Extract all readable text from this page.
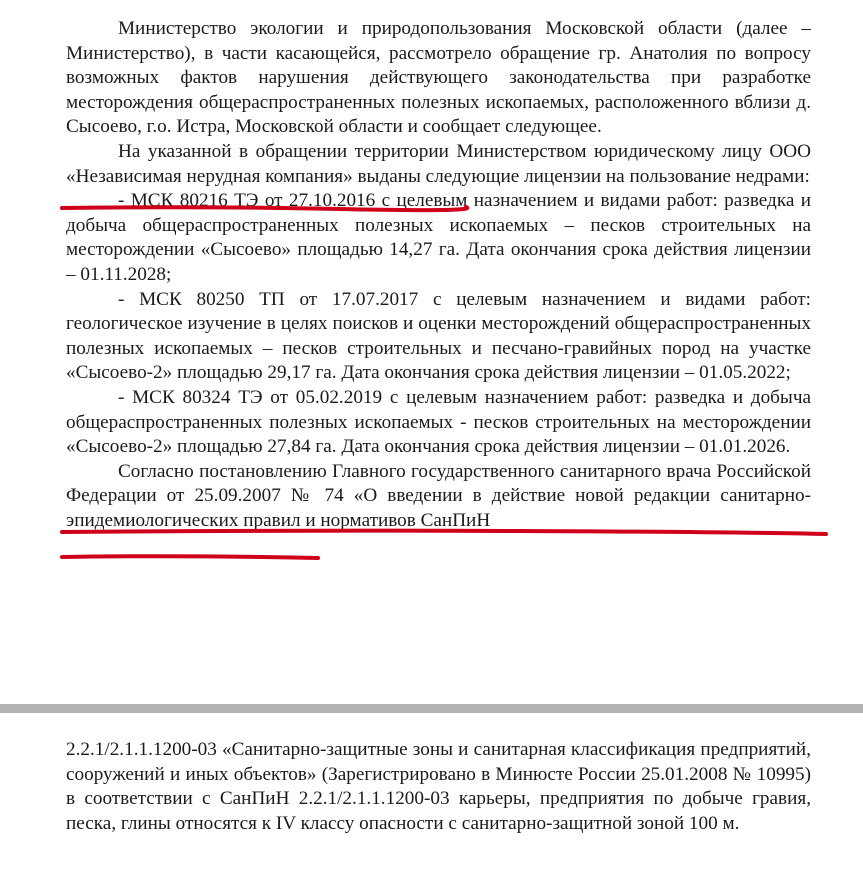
Министерство экологии и природопользования Московской области (далее – Министерство), в части касающейся, рассмотрело обращение гр. Анатолия по вопросу возможных фактов нарушения действующего законодательства при разработке месторождения общераспространенных полезных ископаемых, расположенного вблизи д. Сысоево, г.о. Истра, Московской области и сообщает следующее.

На указанной в обращении территории Министерством юридическому лицу ООО «Независимая нерудная компания» выданы следующие лицензии на пользование недрами:

- МСК 80216 ТЭ от 27.10.2016 с целевым назначением и видами работ: разведка и добыча общераспространенных полезных ископаемых – песков строительных на месторождении «Сысоево» площадью 14,27 га. Дата окончания срока действия лицензии – 01.11.2028;

- МСК 80250 ТП от 17.07.2017 с целевым назначением и видами работ: геологическое изучение в целях поисков и оценки месторождений общераспространенных полезных ископаемых – песков строительных и песчано-гравийных пород на участке «Сысоево-2» площадью 29,17 га. Дата окончания срока действия лицензии – 01.05.2022;

- МСК 80324 ТЭ от 05.02.2019 с целевым назначением работ: разведка и добыча общераспространенных полезных ископаемых - песков строительных на месторождении «Сысоево-2» площадью 27,84 га. Дата окончания срока действия лицензии – 01.01.2026.

Согласно постановлению Главного государственного санитарного врача Российской Федерации от 25.09.2007 № 74 «О введении в действие новой редакции санитарно-эпидемиологических правил и нормативов СанПиН

2.2.1/2.1.1.1200-03 «Санитарно-защитные зоны и санитарная классификация предприятий, сооружений и иных объектов» (Зарегистрировано в Минюсте России 25.01.2008 № 10995) в соответствии с СанПиН 2.2.1/2.1.1.1200-03 карьеры, предприятия по добыче гравия, песка, глины относятся к IV классу опасности с санитарно-защитной зоной 100 м.
